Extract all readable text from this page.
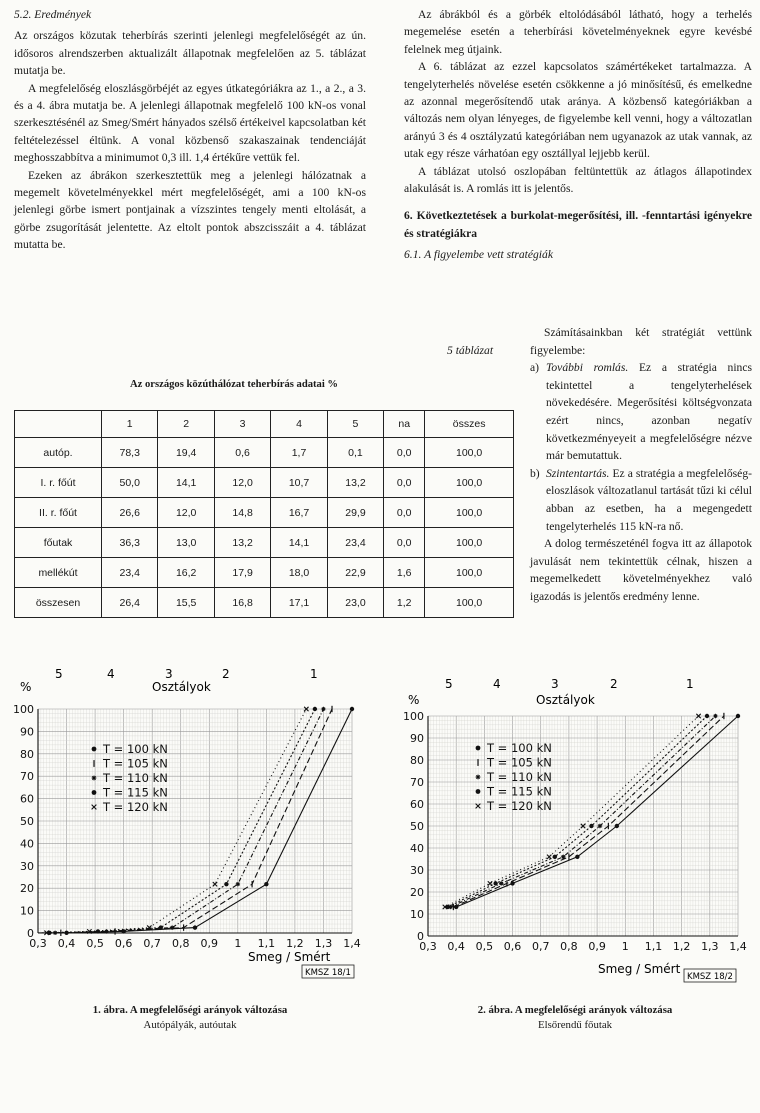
5.2. Eredmények

Az országos közutak teherbírás szerinti jelenlegi megfelelőségét az ún. idősoros alrendszerben aktualizált állapotnak megfelelően az 5. táblázat mutatja be.

A megfelelőség eloszlásgörbéjét az egyes útkategóriákra az 1., a 2., a 3. és a 4. ábra mutatja be. A jelenlegi állapotnak megfelelő 100 kN-os vonal szerkesztésénél az Smeg/Smért hányados szélső értékeivel kapcsolatban két feltételezéssel éltünk. A vonal közbenső szakaszainak tendenciáját meghosszabbítva a minimumot 0,3 ill. 1,4 értékűre vettük fel.

Ezeken az ábrákon szerkesztettük meg a jelenlegi hálózatnak a megemelt követelményekkel mért megfelelőségét, ami a 100 kN-os jelenlegi görbe ismert pontjainak a vízszintes tengely menti eltolását, a görbe zsugorítását jelentette. Az eltolt pontok abszcisszáit a 4. táblázat mutatta be.

Az ábrákból és a görbék eltolódásából látható, hogy a terhelés megemelése esetén a teherbírási követelményeknek egyre kevésbé felelnek meg útjaink.

A 6. táblázat az ezzel kapcsolatos számértékeket tartalmazza. A tengelyterhelés növelése esetén csökkenne a jó minősítésű, és emelkedne az azonnal megerősítendő utak aránya. A közbenső kategóriákban a változás nem olyan lényeges, de figyelembe kell venni, hogy a változatlan arányú 3 és 4 osztályzatú kategóriában nem ugyanazok az utak vannak, az utak egy része várhatóan egy osztállyal lejjebb kerül.

A táblázat utolsó oszlopában feltüntettük az átlagos állapotindex alakulását is. A romlás itt is jelentős.

6. Következtetések a burkolat-megerősítési, ill. -fenntartási igényekre és stratégiákra

6.1. A figyelembe vett stratégiák

5 táblázat
Az országos közúthálózat teherbírás adatai %
	1	2	3	4	5	na	összes
autóp.	78,3	19,4	0,6	1,7	0,1	0,0	100,0
I. r. főút	50,0	14,1	12,0	10,7	13,2	0,0	100,0
II. r. főút	26,6	12,0	14,8	16,7	29,9	0,0	100,0
főutak	36,3	13,0	13,2	14,1	23,4	0,0	100,0
mellékút	23,4	16,2	17,9	18,0	22,9	1,6	100,0
összesen	26,4	15,5	16,8	17,1	23,0	1,2	100,0

Számításainkban két stratégiát vettünk figyelembe:

a) További romlás. Ez a stratégia nincs tekintettel a tengelyterhelések növekedésére. Megerősítési költségvonzata ezért nincs, azonban negatív következményeyeit a megfelelőségre nézve már bemutattuk.
b) Szintentartás. Ez a stratégia a megfelelőség-eloszlások változatlanul tartását tűzi ki célul abban az esetben, ha a megengedett tengelyterhelés 115 kN-ra nő.

A dolog természeténél fogva itt az állapotok javulását nem tekintettük célnak, hiszen a megemelkedett követelményekhez való igazodás is jelentős eredmény lenne.

0,3 0,4 0,5 0,6 0,7 0,8 0,9 1 1,1 1,2 1,3 1,4
0
10
20
30
40
50
60
70
80
90
100
T = 100 kN
T = 105 kN
T = 110 kN
T = 115 kN
T = 120 kN
%	Osztályok
5	4	3	2	1
Smeg / Smért
KMSZ 18/1
1. ábra. A megfelelőségi arányok változása
Autópályák, autóutak
0,3 0,4 0,5 0,6 0,7 0,8 0,9 1 1,1 1,2 1,3 1,4
0
10
20
30
40
50
60
70
80
90
100
T = 100 kN
T = 105 kN
T = 110 kN
T = 115 kN
T = 120 kN
%	Osztályok
5	4	3	2	1
Smeg / Smért
KMSZ 18/2
2. ábra. A megfelelőségi arányok változása
Elsőrendű főutak
